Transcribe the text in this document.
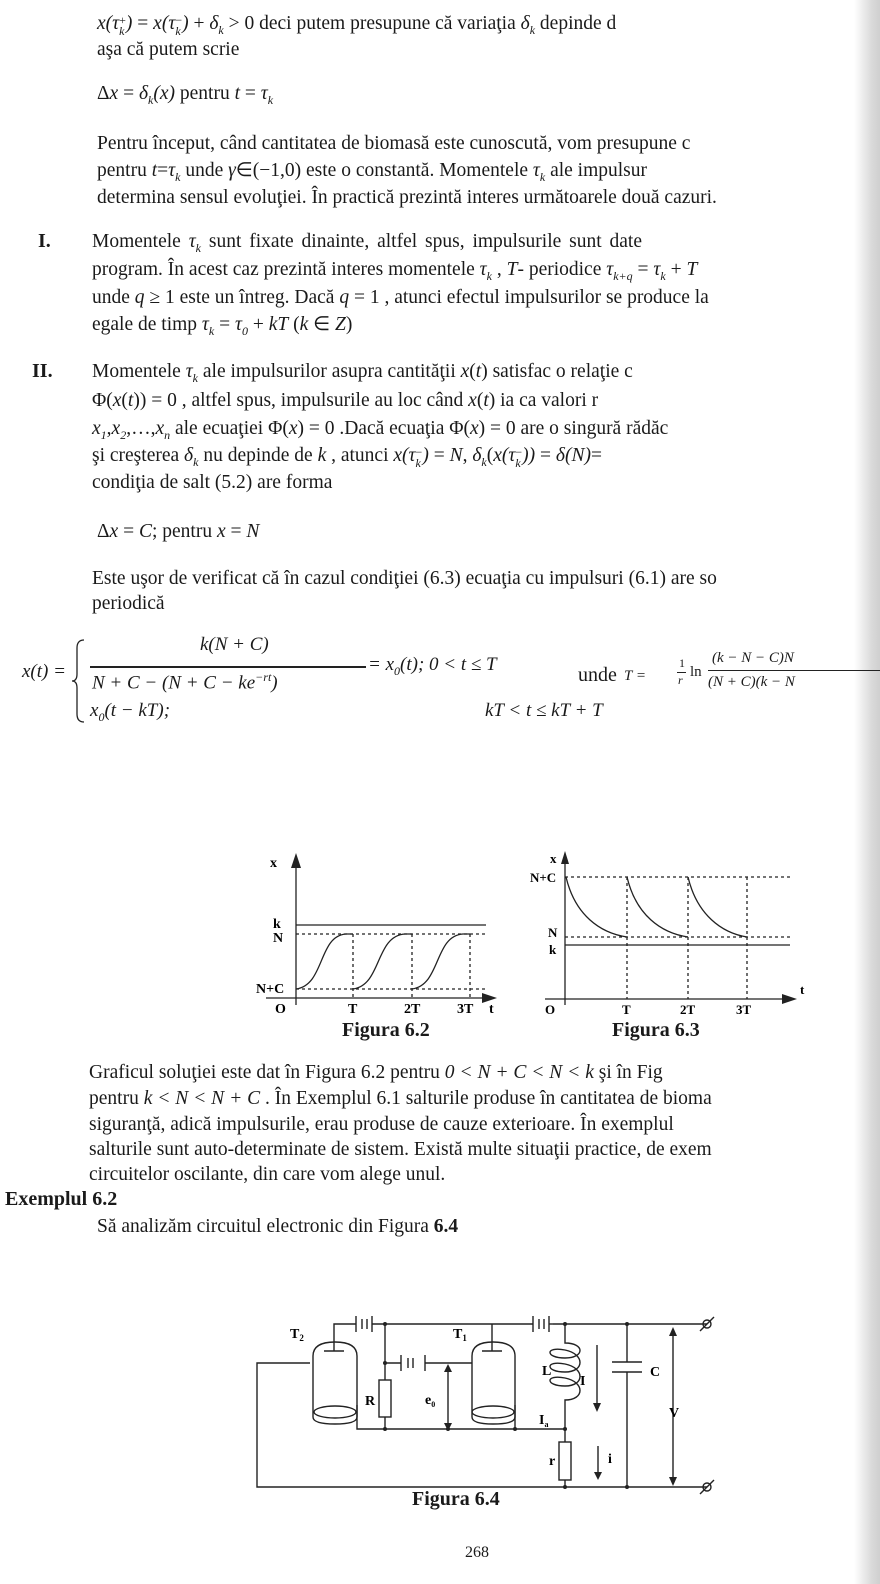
x(τ +
k ) = x(τ −
k ) + $\delta_k > 0$ deci putem presupune că variaţia $\delta_k$ depinde d
aşa că putem scrie
$\Delta x = \delta_k(x)$ pentru $t = \tau_k$
Pentru început, când cantitatea de biomasă este cunoscută, vom presupune c
pentru $t=\tau_k$ unde γ∈(−1,0) este o constantă. Momentele $\tau_k$ ale impulsur
determina sensul evoluţiei. În practică prezintă interes următoarele două cazuri.
I. Momentele $\tau_k$ sunt fixate dinainte, altfel spus, impulsurile sunt date
program. În acest caz prezintă interes momentele $\tau_k$ , T- periodice $\tau_{k+q} = \tau_k + T$
unde q ≥ 1 este un întreg. Dacă q = 1 , atunci efectul impulsurilor se produce la
egale de timp $\tau_k = \tau_0$ + kT (k ∈ Z)
II. Momentele $\tau_k$ ale impulsurilor asupra cantităţii x(t) satisfac o relaţie c
Φ(x(t)) = 0 , altfel spus, impulsurile au loc când x(t) ia ca valori r
$x_1,x_2,\dots,x_n$ ale ecuaţiei Φ(x) = 0 .Dacă ecuaţia Φ(x) = 0 are o singură rădăc
şi creşterea $\delta_k$ nu depinde de k , atunci x(τ −
k ) = N, $\delta_k(x(\tau$ −
k )) = δ(N)=
condiţia de salt (5.2) are forma
Δx = C; pentru x = N
Este uşor de verificat că în cazul condiţiei (6.3) ecuaţia cu impulsuri (6.1) are so
periodică
x(t) =
k(N + C)
$N + C - (N + C - ke^{-rt})$
= $x_0(t)$; 0 < t ≤ T
$x_0(t - kT)$;	kT < t ≤ kT + T
unde T =
1
r ln
(k − N − C)N
(N + C)(k − N
x
k
N
N+C
O	T	2T	3T t
x
N+C
N
k
O	T	2T	3T
t
Figura 6.2	Figura 6.3
Graficul soluţiei este dat în Figura 6.2 pentru 0 < N + C < N < k şi în Fig
pentru k < N < N + C . În Exemplul 6.1 salturile produse în cantitatea de bioma
siguranţă, adică impulsurile, erau produse de cauze exterioare. În exemplul
salturile sunt auto-determinate de sistem. Există multe situaţii practice, de exem
circuitelor oscilante, din care vom alege unul.
Exemplul 6.2
Să analizăm circuitul electronic din Figura 6.4
$T_2$	$T_1$
R	$e_0$
L
I
C
V
$I_a$
r	i
Figura 6.4
268
